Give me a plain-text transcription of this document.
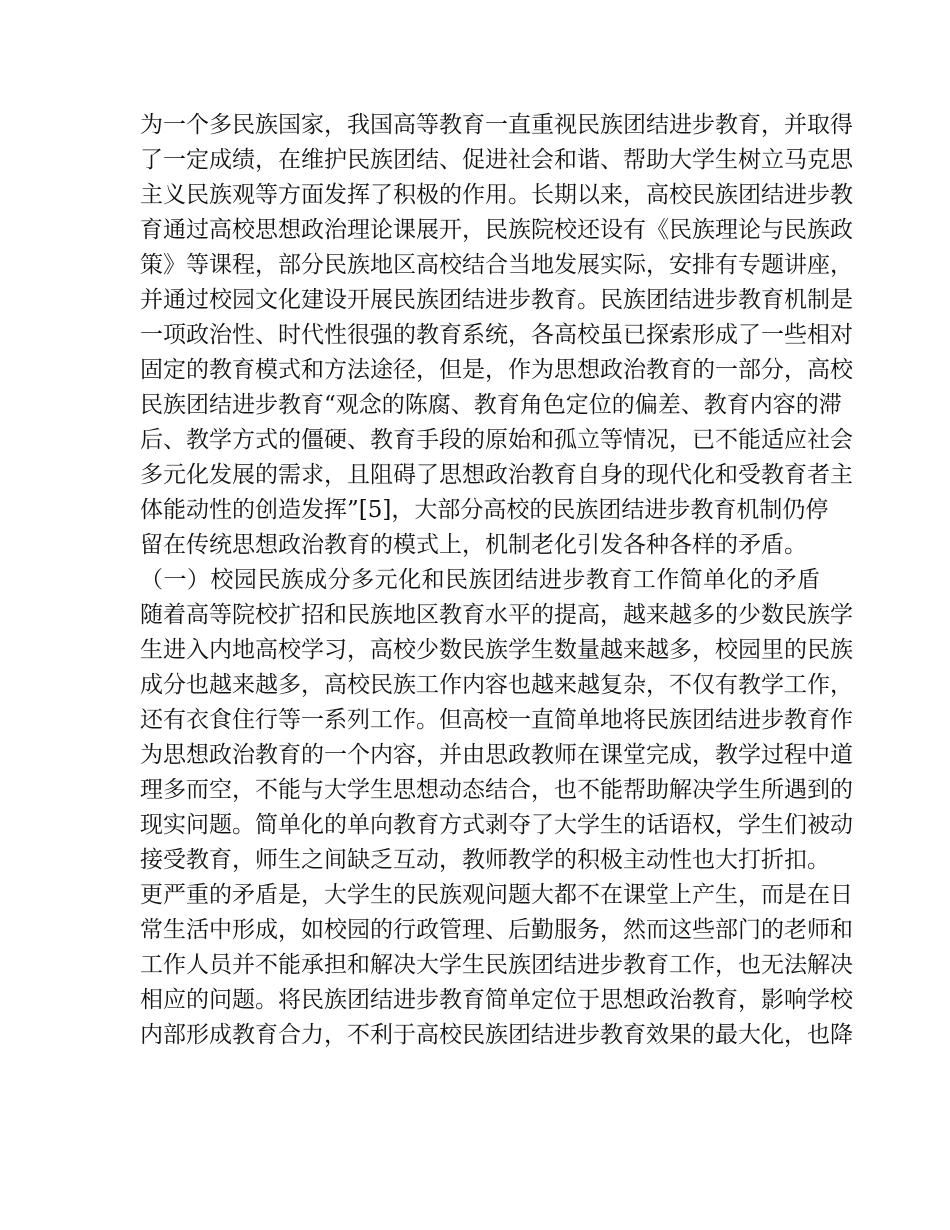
为一个多民族国家，我国高等教育一直重视民族团结进步教育，并取得
了一定成绩，在维护民族团结、促进社会和谐、帮助大学生树立马克思
主义民族观等方面发挥了积极的作用。长期以来，高校民族团结进步教
育通过高校思想政治理论课展开，民族院校还设有《民族理论与民族政
策》等课程，部分民族地区高校结合当地发展实际，安排有专题讲座，
并通过校园文化建设开展民族团结进步教育。民族团结进步教育机制是
一项政治性、时代性很强的教育系统，各高校虽已探索形成了一些相对
固定的教育模式和方法途径，但是，作为思想政治教育的一部分，高校
民族团结进步教育“观念的陈腐、教育角色定位的偏差、教育内容的滞
后、教学方式的僵硬、教育手段的原始和孤立等情况，已不能适应社会
多元化发展的需求，且阻碍了思想政治教育自身的现代化和受教育者主
体能动性的创造发挥”[5]，大部分高校的民族团结进步教育机制仍停
留在传统思想政治教育的模式上，机制老化引发各种各样的矛盾。
（一）校园民族成分多元化和民族团结进步教育工作简单化的矛盾
随着高等院校扩招和民族地区教育水平的提高，越来越多的少数民族学
生进入内地高校学习，高校少数民族学生数量越来越多，校园里的民族
成分也越来越多，高校民族工作内容也越来越复杂，不仅有教学工作，
还有衣食住行等一系列工作。但高校一直简单地将民族团结进步教育作
为思想政治教育的一个内容，并由思政教师在课堂完成，教学过程中道
理多而空，不能与大学生思想动态结合，也不能帮助解决学生所遇到的
现实问题。简单化的单向教育方式剥夺了大学生的话语权，学生们被动
接受教育，师生之间缺乏互动，教师教学的积极主动性也大打折扣。
更严重的矛盾是，大学生的民族观问题大都不在课堂上产生，而是在日
常生活中形成，如校园的行政管理、后勤服务，然而这些部门的老师和
工作人员并不能承担和解决大学生民族团结进步教育工作，也无法解决
相应的问题。将民族团结进步教育简单定位于思想政治教育，影响学校
内部形成教育合力，不利于高校民族团结进步教育效果的最大化，也降
